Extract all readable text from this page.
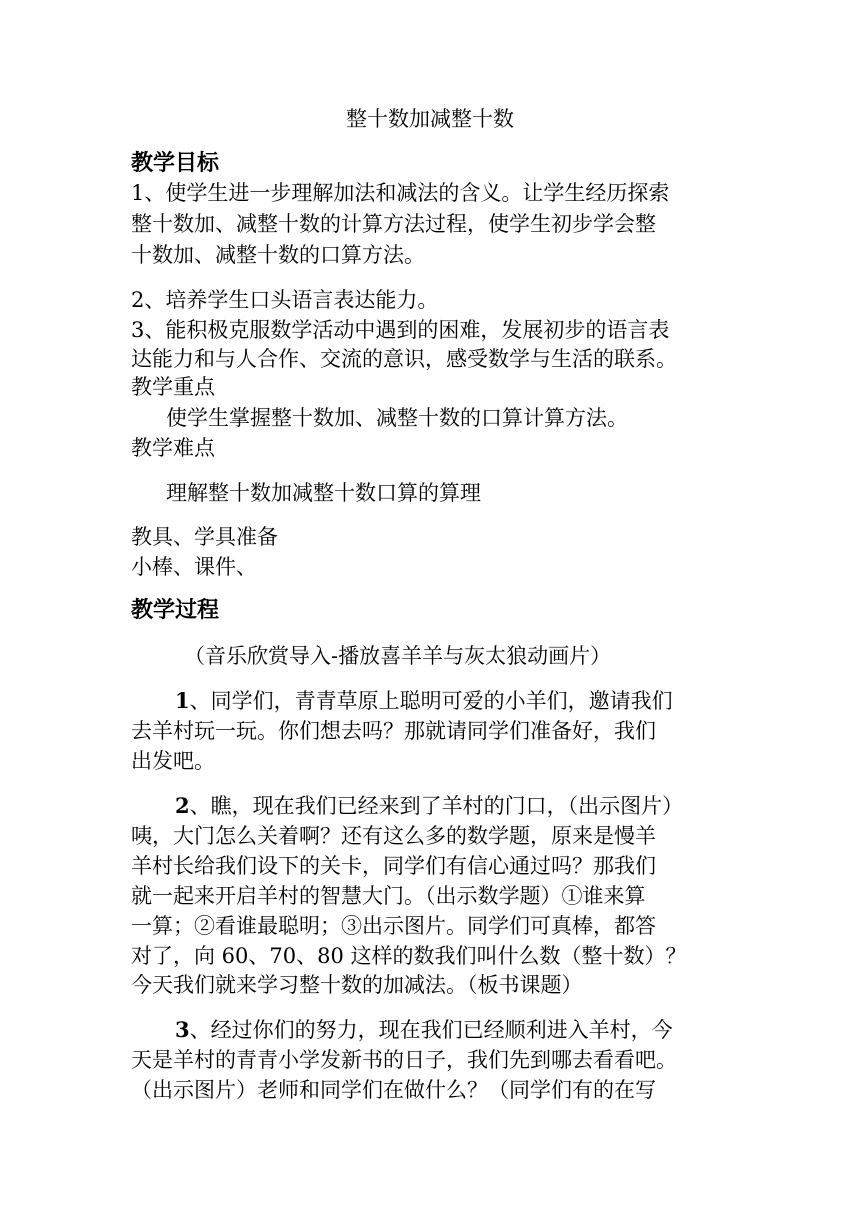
整十数加减整十数
教学目标
1、使学生进一步理解加法和减法的含义。让学生经历探索
整十数加、减整十数的计算方法过程，使学生初步学会整
十数加、减整十数的口算方法。
2、培养学生口头语言表达能力。
3、能积极克服数学活动中遇到的困难，发展初步的语言表
达能力和与人合作、交流的意识，感受数学与生活的联系。
教学重点
使学生掌握整十数加、减整十数的口算计算方法。
教学难点
理解整十数加减整十数口算的算理
教具、学具准备
小棒、课件、
教学过程
（音乐欣赏导入-播放喜羊羊与灰太狼动画片）
1、同学们，青青草原上聪明可爱的小羊们，邀请我们
去羊村玩一玩。你们想去吗？那就请同学们准备好，我们
出发吧。
2、瞧，现在我们已经来到了羊村的门口，（出示图片）
咦，大门怎么关着啊？还有这么多的数学题，原来是慢羊
羊村长给我们设下的关卡，同学们有信心通过吗？那我们
就一起来开启羊村的智慧大门。（出示数学题）①谁来算
一算；②看谁最聪明；③出示图片。同学们可真棒，都答
对了，向 60、70、80 这样的数我们叫什么数（整十数）？
今天我们就来学习整十数的加减法。（板书课题）
3、经过你们的努力，现在我们已经顺利进入羊村，今
天是羊村的青青小学发新书的日子，我们先到哪去看看吧。
（出示图片）老师和同学们在做什么？（同学们有的在写
